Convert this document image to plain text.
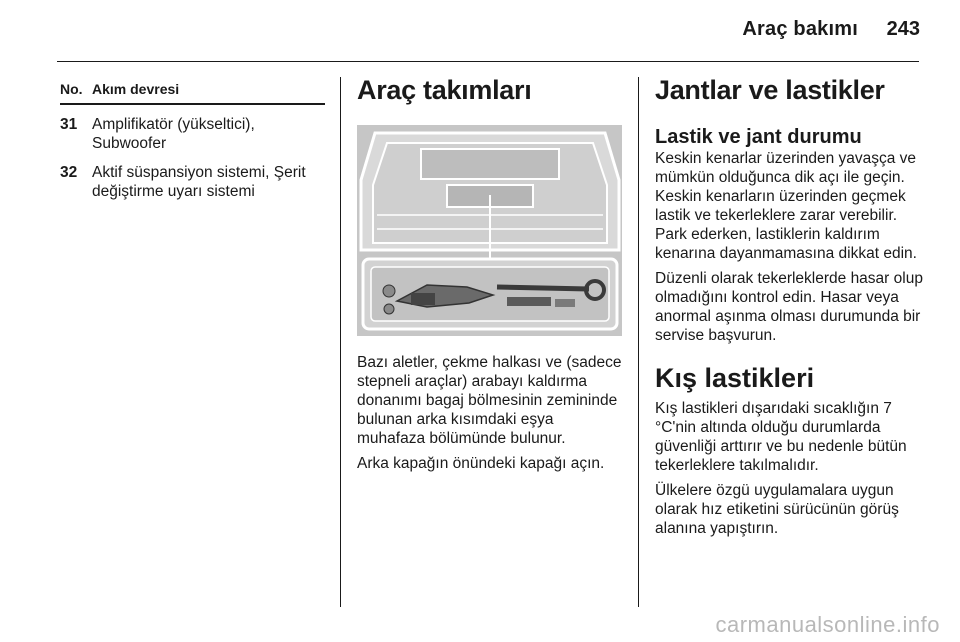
Araç bakımı 243
No. Akım devresi
31 Amplifikatör (yükseltici), Subwoofer
32 Aktif süspansiyon sistemi, Şerit değiştirme uyarı sistemi
Araç takımları

Bazı aletler, çekme halkası ve (sadece stepneli araçlar) arabayı kaldırma donanımı bagaj bölmesinin zemininde bulunan arka kısımdaki eşya muhafaza bölümünde bulunur.

Arka kapağın önündeki kapağı açın.

Jantlar ve lastikler
Lastik ve jant durumu

Keskin kenarlar üzerinden yavaşça ve mümkün olduğunca dik açı ile geçin. Keskin kenarların üzerinden geçmek lastik ve tekerleklere zarar verebilir. Park ederken, lastiklerin kaldırım kenarına dayanmamasına dikkat edin.

Düzenli olarak tekerleklerde hasar olup olmadığını kontrol edin. Hasar veya anormal aşınma olması durumunda bir servise başvurun.

Kış lastikleri

Kış lastikleri dışarıdaki sıcaklığın 7 °C'nin altında olduğu durumlarda güvenliği arttırır ve bu nedenle bütün tekerleklere takılmalıdır.

Ülkelere özgü uygulamalara uygun olarak hız etiketini sürücünün görüş alanına yapıştırın.

carmanualsonline.info
